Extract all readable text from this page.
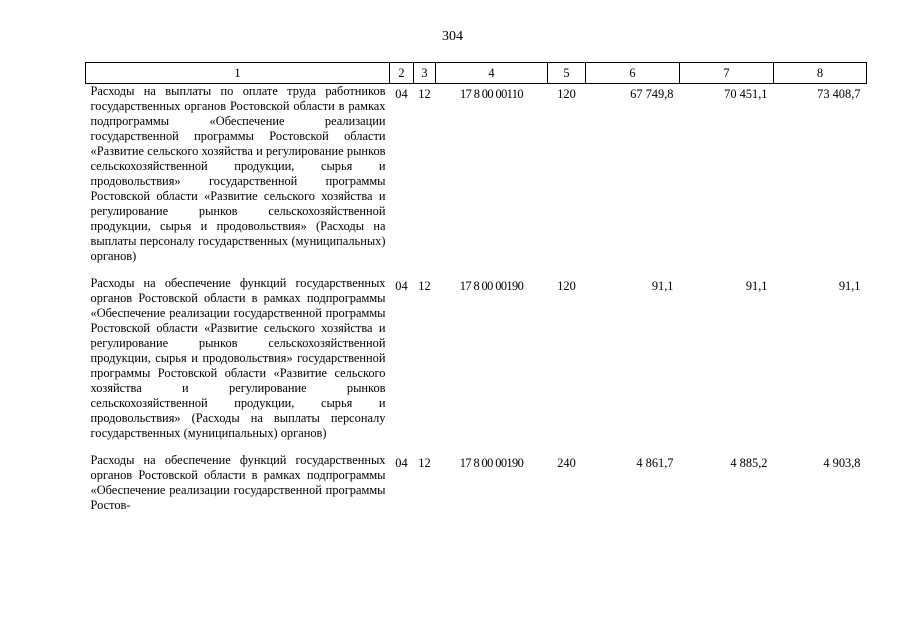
304
1	2	3	4	5	6	7	8
Расходы на выплаты по оплате труда работников государственных органов Ростовской области в рамках подпрограммы «Обеспечение реализации государственной программы Ростовской области «Развитие сельского хозяйства и регулирование рынков сельскохозяйственной продукции, сырья и продовольствия» государственной программы Ростовской области «Развитие сельского хозяйства и регулирование рынков сельскохозяйственной продукции, сырья и продовольствия» (Расходы на выплаты персоналу государственных (муниципальных) органов)	04	12	17 8 00 00110	120	67 749,8	70 451,1	73 408,7
Расходы на обеспечение функций государственных органов Ростовской области в рамках подпрограммы «Обеспечение реализации государственной программы Ростовской области «Развитие сельского хозяйства и регулирование рынков сельскохозяйственной продукции, сырья и продовольствия» государственной программы Ростовской области «Развитие сельского хозяйства и регулирование рынков сельскохозяйственной продукции, сырья и продовольствия» (Расходы на выплаты персоналу государственных (муниципальных) органов)	04	12	17 8 00 00190	120	91,1	91,1	91,1
Расходы на обеспечение функций государственных органов Ростовской области в рамках подпрограммы «Обеспечение реализации государственной программы Ростов-	04	12	17 8 00 00190	240	4 861,7	4 885,2	4 903,8
